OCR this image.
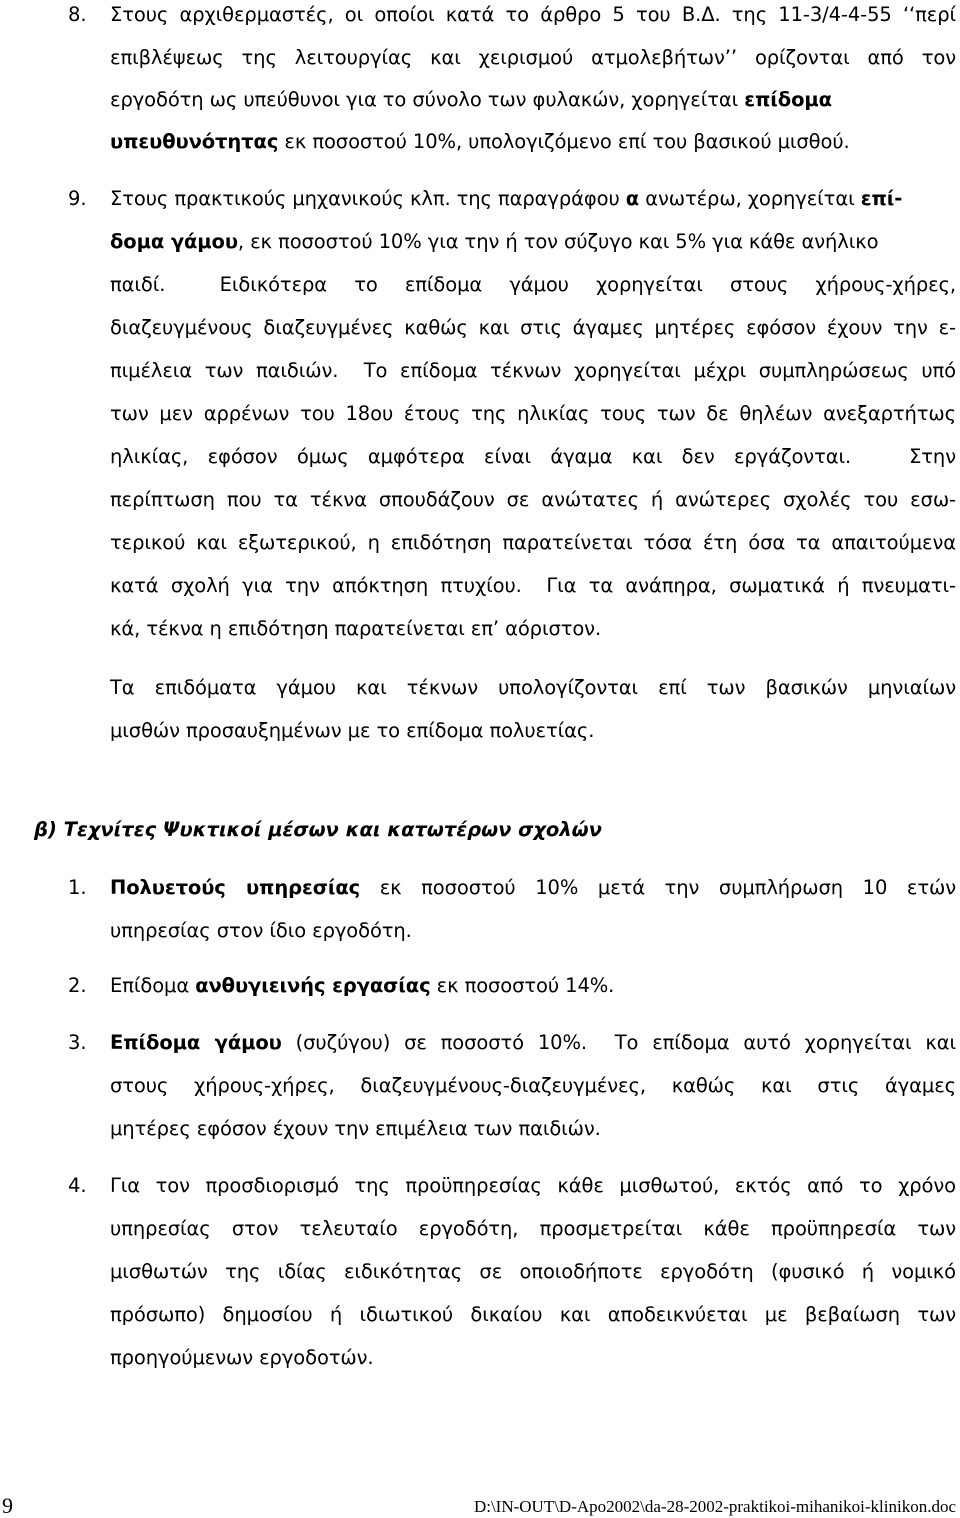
8. Στους αρχιθερμαστές, οι οποίοι κατά το άρθρο 5 του Β.Δ. της 11-3/4-4-55 ‘‘περί
επιβλέψεως της λειτουργίας και χειρισμού ατμολεβήτων’’ ορίζονται από τον
εργοδότη ως υπεύθυνοι για το σύνολο των φυλακών, χορηγείται επίδομα
υπευθυνότητας εκ ποσοστού 10%, υπολογιζόμενο επί του βασικού μισθού.
9. Στους πρακτικούς μηχανικούς κλπ. της παραγράφου α ανωτέρω, χορηγείται επί-
δομα γάμου, εκ ποσοστού 10% για την ή τον σύζυγο και 5% για κάθε ανήλικο
παιδί.  Ειδικότερα το επίδομα γάμου χορηγείται στους χήρους-χήρες,
διαζευγμένους διαζευγμένες καθώς και στις άγαμες μητέρες εφόσον έχουν την ε-
πιμέλεια των παιδιών.  Το επίδομα τέκνων χορηγείται μέχρι συμπληρώσεως υπό
των μεν αρρένων του 18ου έτους της ηλικίας τους των δε θηλέων ανεξαρτήτως
ηλικίας, εφόσον όμως αμφότερα είναι άγαμα και δεν εργάζονται.   Στην
περίπτωση που τα τέκνα σπουδάζουν σε ανώτατες ή ανώτερες σχολές του εσω-
τερικού και εξωτερικού, η επιδότηση παρατείνεται τόσα έτη όσα τα απαιτούμενα
κατά σχολή για την απόκτηση πτυχίου.  Για τα ανάπηρα, σωματικά ή πνευματι-
κά, τέκνα η επιδότηση παρατείνεται επ’ αόριστον.
Τα επιδόματα γάμου και τέκνων υπολογίζονται επί των βασικών μηνιαίων
μισθών προσαυξημένων με το επίδομα πολυετίας.
β) Τεχνίτες Ψυκτικοί μέσων και κατωτέρων σχολών
1. Πολυετούς υπηρεσίας εκ ποσοστού 10% μετά την συμπλήρωση 10 ετών
υπηρεσίας στον ίδιο εργοδότη.
2. Επίδομα ανθυγιεινής εργασίας εκ ποσοστού 14%.
3. Επίδομα γάμου (συζύγου) σε ποσοστό 10%.  Το επίδομα αυτό χορηγείται και
στους χήρους-χήρες, διαζευγμένους-διαζευγμένες, καθώς και στις άγαμες
μητέρες εφόσον έχουν την επιμέλεια των παιδιών.
4. Για τον προσδιορισμό της προϋπηρεσίας κάθε μισθωτού, εκτός από το χρόνο
υπηρεσίας στον τελευταίο εργοδότη, προσμετρείται κάθε προϋπηρεσία των
μισθωτών της ιδίας ειδικότητας σε οποιοδήποτε εργοδότη (φυσικό ή νομικό
πρόσωπο) δημοσίου ή ιδιωτικού δικαίου και αποδεικνύεται με βεβαίωση των
προηγούμενων εργοδοτών.
9	D:\IN-OUT\D-Apo2002\da-28-2002-praktikoi-mihanikoi-klinikon.doc
